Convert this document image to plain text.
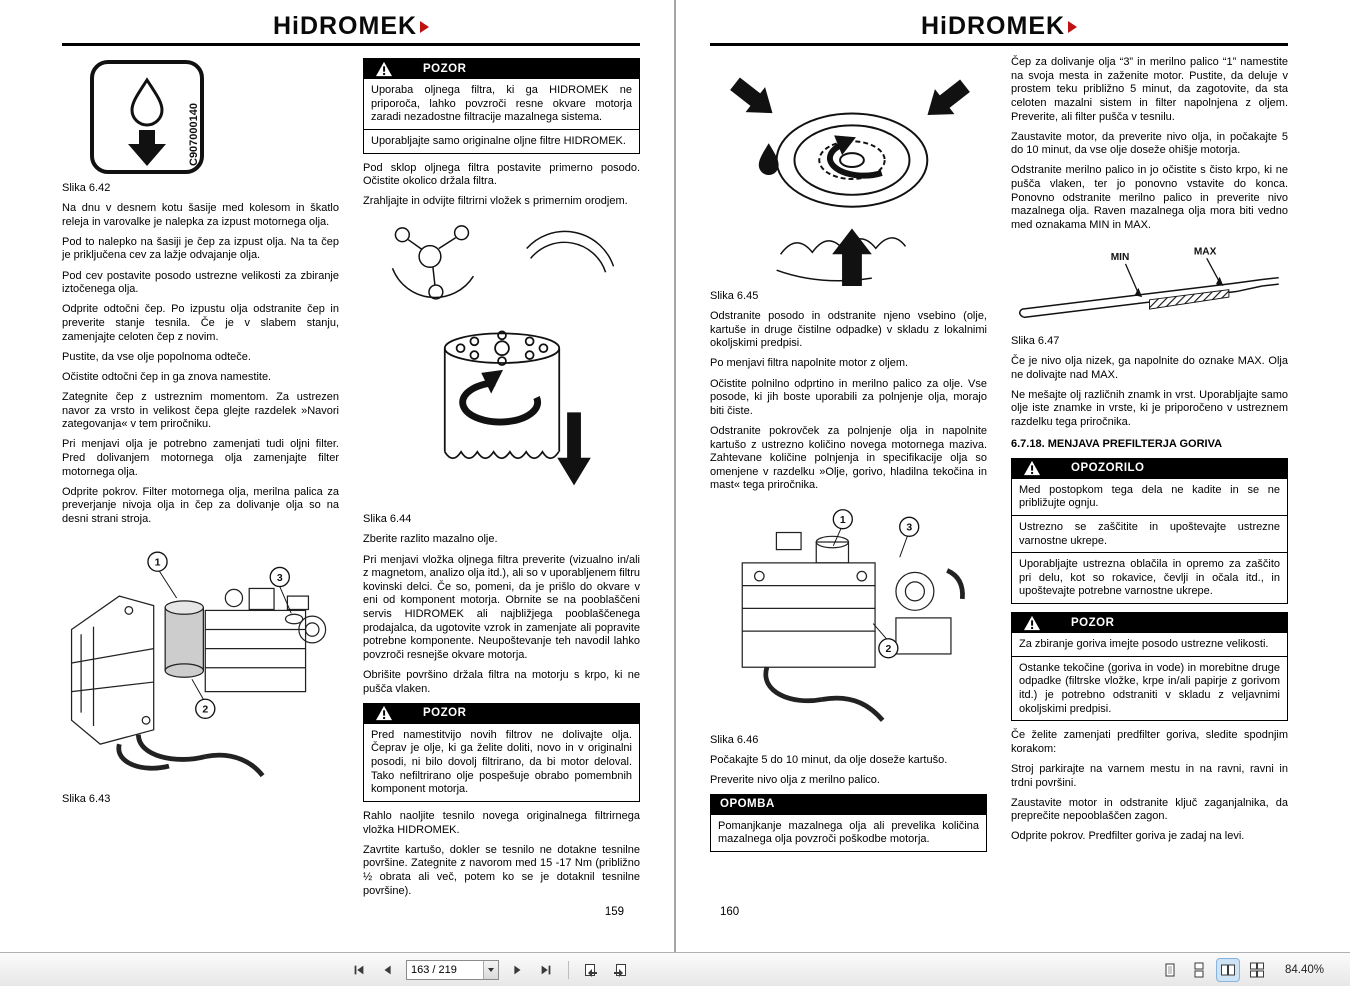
HiDROMEK
C907000140
Slika 6.42

Na dnu v desnem kotu šasije med kolesom in škatlo releja in varovalke je nalepka za izpust motornega olja.

Pod to nalepko na šasiji je čep za izpust olja. Na ta čep je priključena cev za lažje odvajanje olja.

Pod cev postavite posodo ustrezne velikosti za zbiranje iztočenega olja.

Odprite odtočni čep. Po izpustu olja odstranite čep in preverite stanje tesnila. Če je v slabem stanju, zamenjajte celoten čep z novim.

Pustite, da vse olje popolnoma odteče.

Očistite odtočni čep in ga znova namestite.

Zategnite čep z ustreznim momentom. Za ustrezen navor za vrsto in velikost čepa glejte razdelek »Navori zategovanja« v tem priročniku.

Pri menjavi olja je potrebno zamenjati tudi oljni filter. Pred dolivanjem motornega olja zamenjajte filter motornega olja.

Odprite pokrov. Filter motornega olja, merilna palica za preverjanje nivoja olja in čep za dolivanje olja so na desni strani stroja.

1
3
2
Slika 6.43
POZOR

Uporaba oljnega filtra, ki ga HIDROMEK ne priporoča, lahko povzroči resne okvare motorja zaradi nezadostne filtracije mazalnega sistema.

Uporabljajte samo originalne oljne filtre HIDROMEK.

Pod sklop oljnega filtra postavite primerno posodo. Očistite okolico držala filtra.

Zrahljajte in odvijte filtrirni vložek s primernim orodjem.

Slika 6.44

Zberite razlito mazalno olje.

Pri menjavi vložka oljnega filtra preverite (vizualno in/ali z magnetom, analizo olja itd.), ali so v uporabljenem filtru kovinski delci. Če so, pomeni, da je prišlo do okvare v eni od komponent motorja. Obrnite se na pooblaščeni servis HIDROMEK ali najbližjega pooblaščenega prodajalca, da ugotovite vzrok in zamenjate ali popravite potrebne komponente. Neupoštevanje teh navodil lahko povzroči resnejše okvare motorja.

Obrišite površino držala filtra na motorju s krpo, ki ne pušča vlaken.

POZOR

Pred namestitvijo novih filtrov ne dolivajte olja. Čeprav je olje, ki ga želite doliti, novo in v originalni posodi, ni bilo dovolj filtrirano, da bi motor deloval. Tako nefiltrirano olje pospešuje obrabo pomembnih komponent motorja.

Rahlo naoljite tesnilo novega originalnega filtrirnega vložka HIDROMEK.

Zavrtite kartušo, dokler se tesnilo ne dotakne tesnilne površine. Zategnite z navorom med 15 -17 Nm (približno ½ obrata ali več, potem ko se je dotaknil tesnilne površine).

159
HiDROMEK
Slika 6.45

Odstranite posodo in odstranite njeno vsebino (olje, kartuše in druge čistilne odpadke) v skladu z lokalnimi okoljskimi predpisi.

Po menjavi filtra napolnite motor z oljem.

Očistite polnilno odprtino in merilno palico za olje. Vse posode, ki jih boste uporabili za polnjenje olja, morajo biti čiste.

Odstranite pokrovček za polnjenje olja in napolnite kartušo z ustrezno količino novega motornega maziva. Zahtevane količine polnjenja in specifikacije olja so omenjene v razdelku »Olje, gorivo, hladilna tekočina in mast« tega priročnika.

1
3
2
Slika 6.46

Počakajte 5 do 10 minut, da olje doseže kartušo.

Preverite nivo olja z merilno palico.

OPOMBA

Pomanjkanje mazalnega olja ali prevelika količina mazalnega olja povzroči poškodbe motorja.

Čep za dolivanje olja “3” in merilno palico “1” namestite na svoja mesta in zaženite motor. Pustite, da deluje v prostem teku približno 5 minut, da zagotovite, da sta celoten mazalni sistem in filter napolnjena z oljem. Preverite, ali filter pušča v tesnilu.

Zaustavite motor, da preverite nivo olja, in počakajte 5 do 10 minut, da vse olje doseže ohišje motorja.

Odstranite merilno palico in jo očistite s čisto krpo, ki ne pušča vlaken, ter jo ponovno vstavite do konca. Ponovno odstranite merilno palico in preverite nivo mazalnega olja. Raven mazalnega olja mora biti vedno med oznakama MIN in MAX.

MIN
MAX
Slika 6.47

Če je nivo olja nizek, ga napolnite do oznake MAX. Olja ne dolivajte nad MAX.

Ne mešajte olj različnih znamk in vrst. Uporabljajte samo olje iste znamke in vrste, ki je priporočeno v ustreznem razdelku tega priročnika.

6.7.18. MENJAVA PREFILTERJA GORIVA
OPOZORILO

Med postopkom tega dela ne kadite in se ne približujte ognju.

Ustrezno se zaščitite in upoštevajte ustrezne varnostne ukrepe.

Uporabljajte ustrezna oblačila in opremo za zaščito pri delu, kot so rokavice, čevlji in očala itd., in upoštevajte potrebne varnostne ukrepe.

POZOR

Za zbiranje goriva imejte posodo ustrezne velikosti.

Ostanke tekočine (goriva in vode) in morebitne druge odpadke (filtrske vložke, krpe in/ali papirje z gorivom itd.) je potrebno odstraniti v skladu z veljavnimi okoljskimi predpisi.

Če želite zamenjati predfilter goriva, sledite spodnjim korakom:

Stroj parkirajte na varnem mestu in na ravni, ravni in trdni površini.

Zaustavite motor in odstranite ključ zaganjalnika, da preprečite nepooblaščen zagon.

Odprite pokrov. Predfilter goriva je zadaj na levi.

160
163 / 219
84.40%
